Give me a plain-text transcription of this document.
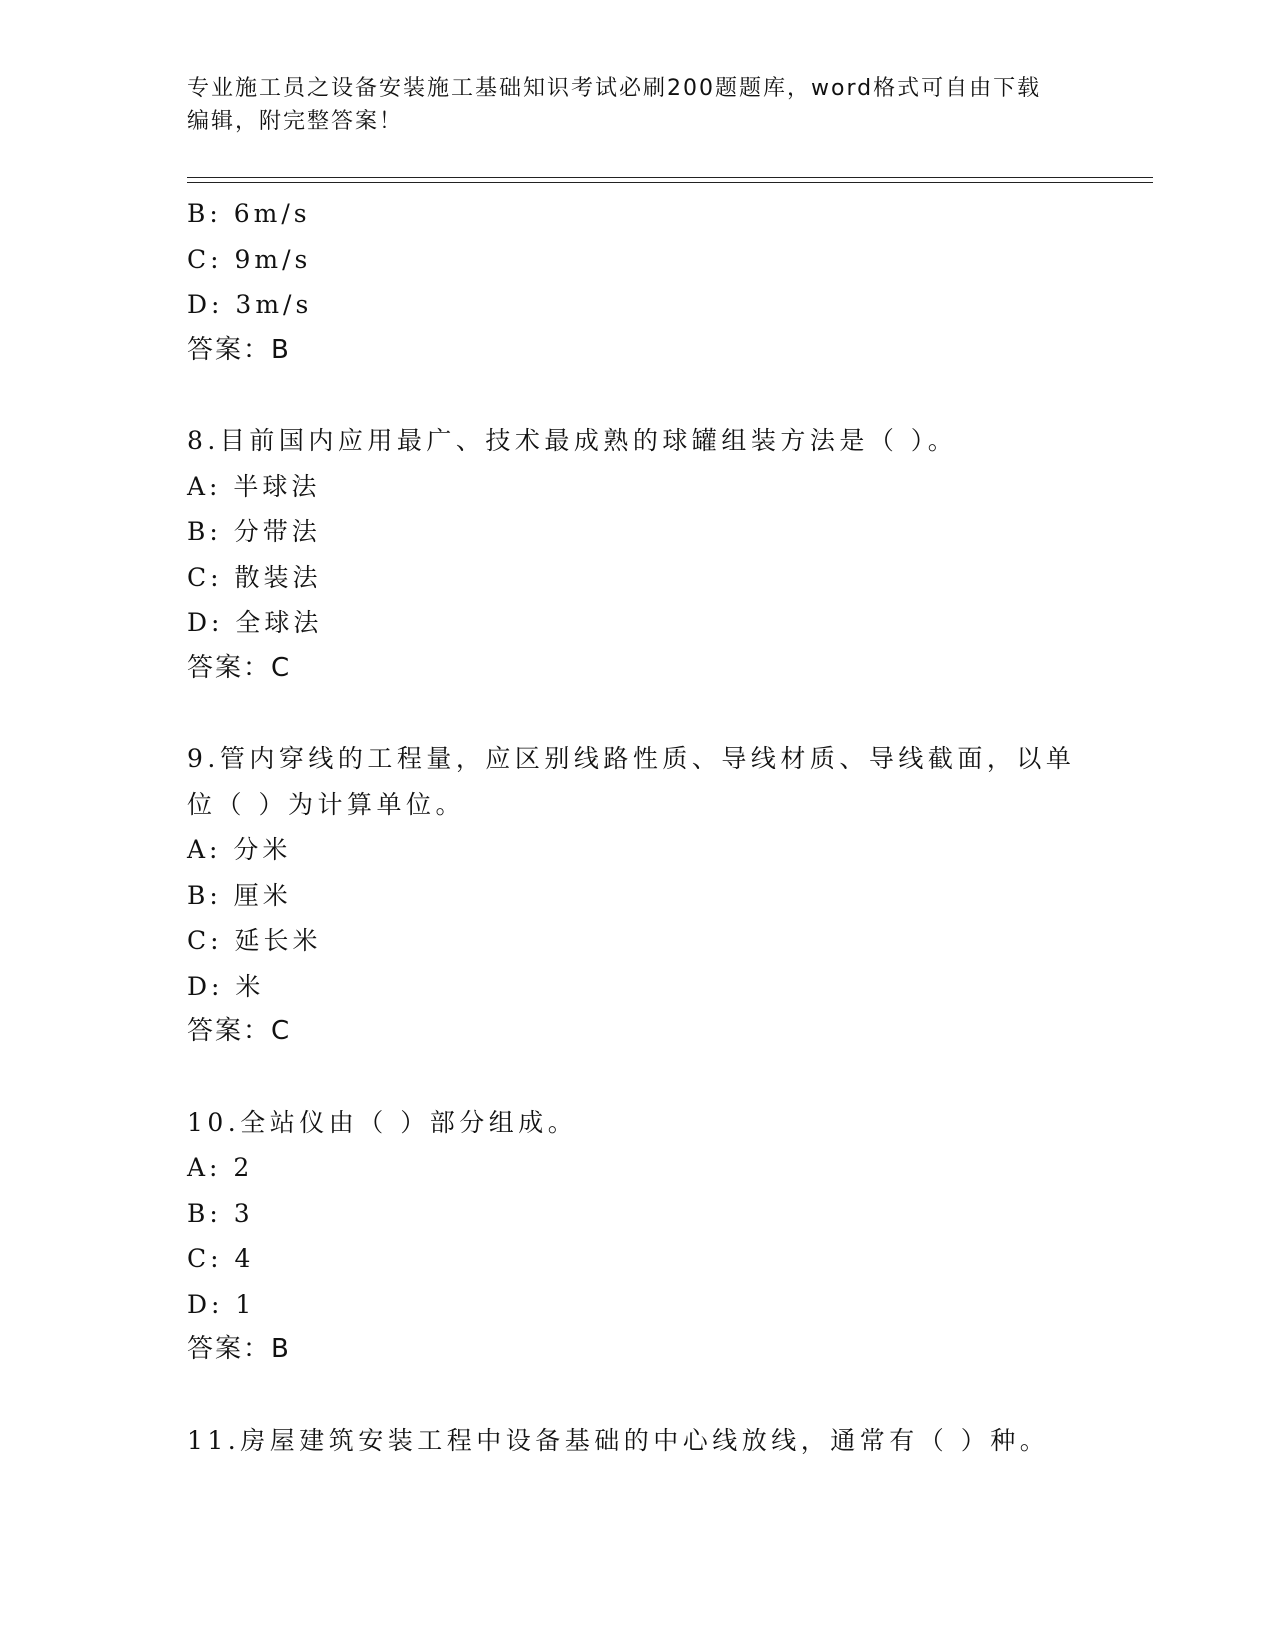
专业施工员之设备安装施工基础知识考试必刷200题题库，word格式可自由下载
编辑，附完整答案！
B: 6m/s
C: 9m/s
D: 3m/s
答案：B
8.目前国内应用最广、技术最成熟的球罐组装方法是（ ）。
A: 半球法
B: 分带法
C: 散装法
D: 全球法
答案：C
9.管内穿线的工程量，应区别线路性质、导线材质、导线截面，以单
位（ ）为计算单位。
A: 分米
B: 厘米
C: 延长米
D: 米
答案：C
10.全站仪由（ ）部分组成。
A: 2
B: 3
C: 4
D: 1
答案：B
11.房屋建筑安装工程中设备基础的中心线放线，通常有（ ）种。
